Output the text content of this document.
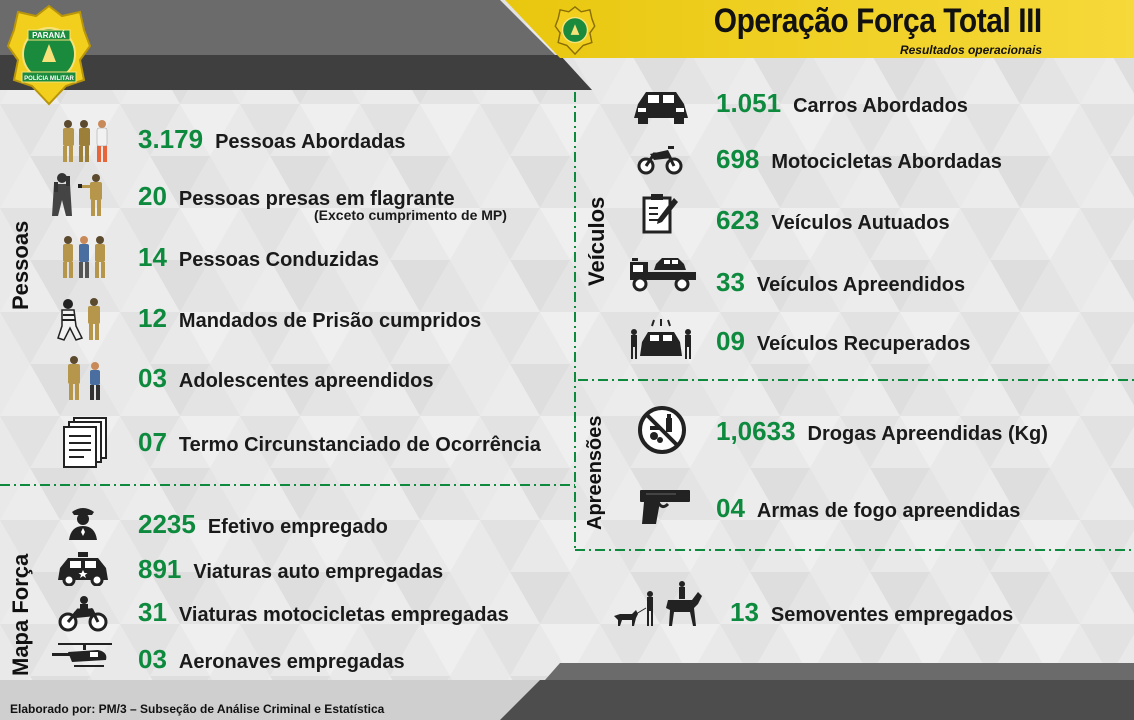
PARANÁ
POLÍCIA MILITAR
Operação Força Total III
Resultados operacionais
Pessoas
Mapa Força
Veículos
Apreensões
3.179 Pessoas Abordadas
20 Pessoas presas em flagrante
(Exceto cumprimento de MP)
14 Pessoas Conduzidas
12 Mandados de Prisão cumpridos
03 Adolescentes apreendidos
07 Termo Circunstanciado de Ocorrência
2235 Efetivo empregado
891 Viaturas auto empregadas
31 Viaturas motocicletas empregadas
03 Aeronaves empregadas
1.051 Carros Abordados
698 Motocicletas Abordadas
623 Veículos Autuados
33 Veículos Apreendidos
09 Veículos Recuperados
1,0633 Drogas Apreendidas (Kg)
04 Armas de fogo apreendidas
13 Semoventes empregados
Elaborado por: PM/3 – Subseção de Análise Criminal e Estatística
